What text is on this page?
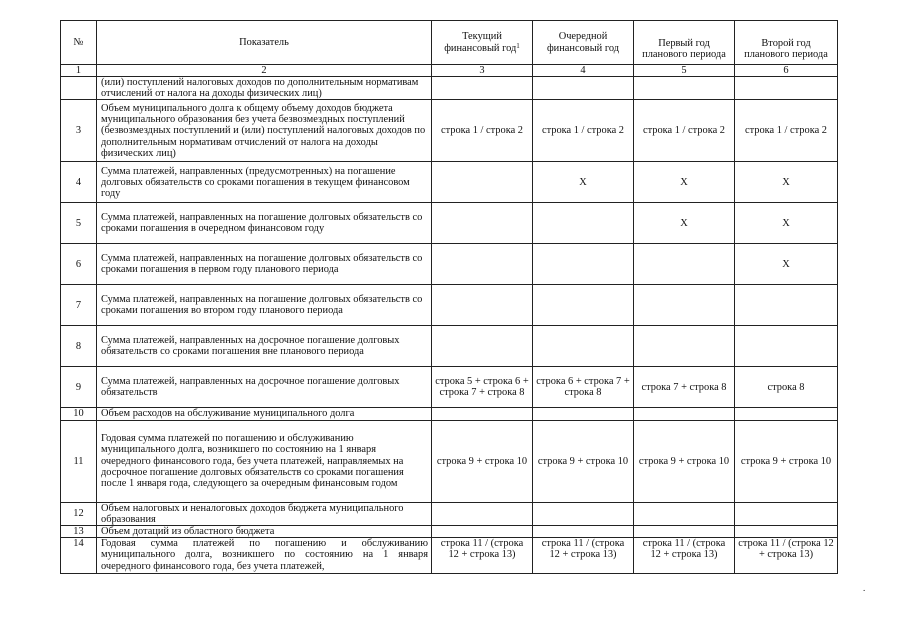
№	Показатель	Текущий финансовый год$^1$	Очередной финансовый год	Первый год планового периода	Второй год планового периода

1	2	3	4	5	6
	(или) поступлений налоговых доходов по дополнительным нормативам отчислений от налога на доходы физических лиц)				
3	Объем муниципального долга к общему объему доходов бюджета муниципального образования без учета безвозмездных поступлений (безвозмездных поступлений и (или) поступлений налоговых доходов по дополнительным нормативам отчислений от налога на доходы физических лиц)	строка 1 / строка 2	строка 1 / строка 2	строка 1 / строка 2	строка 1 / строка 2
4	Сумма платежей, направленных (предусмотренных) на погашение долговых обязательств со сроками погашения в текущем финансовом году		X	X	X
5	Сумма платежей, направленных на погашение долговых обязательств со сроками погашения в очередном финансовом году			X	X
6	Сумма платежей, направленных на погашение долговых обязательств со сроками погашения в первом году планового периода				X
7	Сумма платежей, направленных на погашение долговых обязательств со сроками погашения во втором году планового периода				
8	Сумма платежей, направленных на досрочное погашение долговых обязательств со сроками погашения вне планового периода				
9	Сумма платежей, направленных на досрочное погашение долговых обязательств	строка 5 + строка 6 + строка 7 + строка 8	строка 6 + строка 7 + строка 8	строка 7 + строка 8	строка 8
10	Объем расходов на обслуживание муниципального долга				
11	Годовая сумма платежей по погашению и обслуживанию муниципального долга, возникшего по состоянию на 1 января очередного финансового года, без учета платежей, направляемых на досрочное погашение долговых обязательств со сроками погашения после 1 января года, следующего за очередным финансовым годом	строка 9 + строка 10	строка 9 + строка 10	строка 9 + строка 10	строка 9 + строка 10
12	Объем налоговых и неналоговых доходов бюджета муниципального образования				
13	Объем дотаций из областного бюджета				
14	Годовая сумма платежей по погашению и обслуживанию муниципального долга, возникшего по состоянию на 1 января очередного финансового года, без учета платежей,	строка 11 / (строка 12 + строка 13)	строка 11 / (строка 12 + строка 13)	строка 11 / (строка 12 + строка 13)	строка 11 / (строка 12 + строка 13)
.
